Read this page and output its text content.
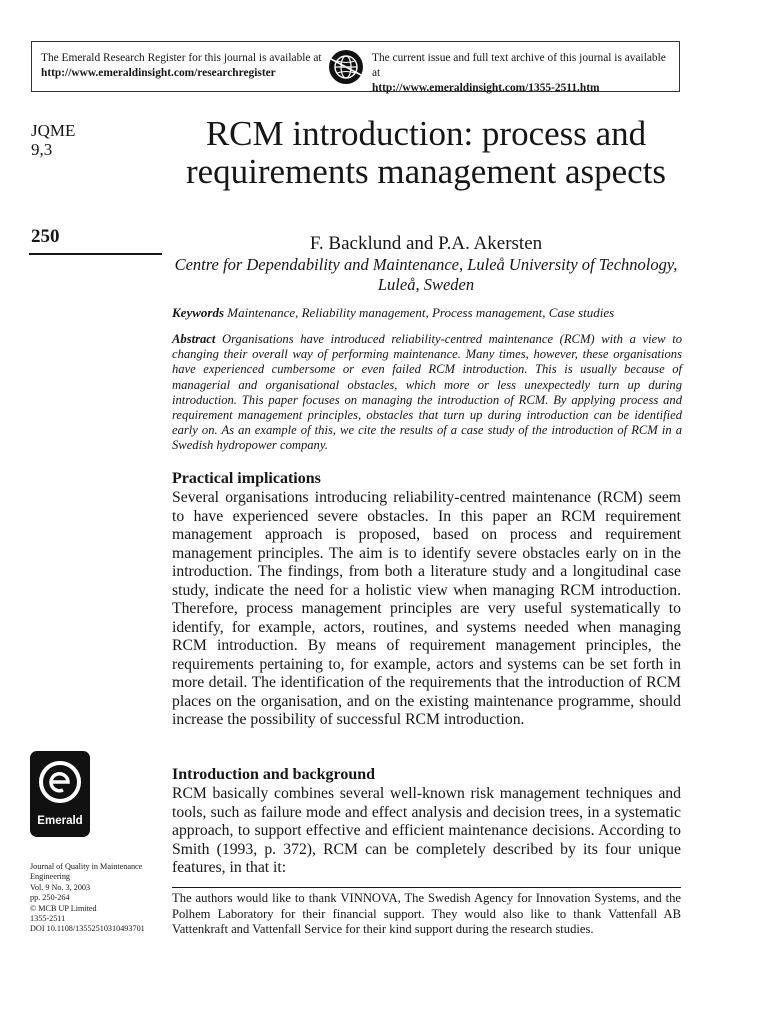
The Emerald Research Register for this journal is available at
http://www.emeraldinsight.com/researchregister
The current issue and full text archive of this journal is available at
http://www.emeraldinsight.com/1355-2511.htm
JQME
9,3
250
RCM introduction: process and requirements management aspects
F. Backlund and P.A. Akersten
Centre for Dependability and Maintenance, Luleå University of Technology, Luleå, Sweden
Keywords Maintenance, Reliability management, Process management, Case studies
Abstract Organisations have introduced reliability-centred maintenance (RCM) with a view to changing their overall way of performing maintenance. Many times, however, these organisations have experienced cumbersome or even failed RCM introduction. This is usually because of managerial and organisational obstacles, which more or less unexpectedly turn up during introduction. This paper focuses on managing the introduction of RCM. By applying process and requirement management principles, obstacles that turn up during introduction can be identified early on. As an example of this, we cite the results of a case study of the introduction of RCM in a Swedish hydropower company.
Practical implications
Several organisations introducing reliability-centred maintenance (RCM) seem to have experienced severe obstacles. In this paper an RCM requirement management approach is proposed, based on process and requirement management principles. The aim is to identify severe obstacles early on in the introduction. The findings, from both a literature study and a longitudinal case study, indicate the need for a holistic view when managing RCM introduction. Therefore, process management principles are very useful systematically to identify, for example, actors, routines, and systems needed when managing RCM introduction. By means of requirement management principles, the requirements pertaining to, for example, actors and systems can be set forth in more detail. The identification of the requirements that the introduction of RCM places on the organisation, and on the existing maintenance programme, should increase the possibility of successful RCM introduction.
Introduction and background
RCM basically combines several well-known risk management techniques and tools, such as failure mode and effect analysis and decision trees, in a systematic approach, to support effective and efficient maintenance decisions. According to Smith (1993, p. 372), RCM can be completely described by its four unique features, in that it:
The authors would like to thank VINNOVA, The Swedish Agency for Innovation Systems, and the Polhem Laboratory for their financial support. They would also like to thank Vattenfall AB Vattenkraft and Vattenfall Service for their kind support during the research studies.
Emerald
Journal of Quality in Maintenance
Engineering
Vol. 9 No. 3, 2003
pp. 250-264
© MCB UP Limited
1355-2511
DOI 10.1108/13552510310493701
